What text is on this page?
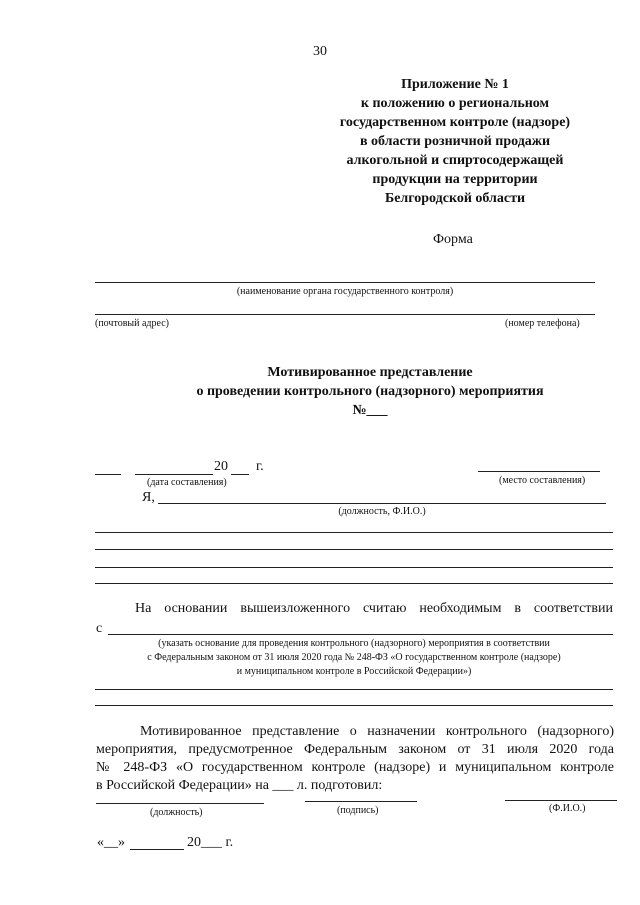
30
Приложение № 1
к положению о региональном
государственном контроле (надзоре)
в области розничной продажи
алкогольной и спиртосодержащей
продукции на территории
Белгородской области
Форма
(наименование органа государственного контроля)
(почтовый адрес)	(номер телефона)
Мотивированное представление
о проведении контрольного (надзорного) мероприятия
№___
20 г.
(дата составления)	(место составления)
Я,
(должность, Ф.И.О.)
На основании вышеизложенного считаю необходимым в соответствии
с
(указать основание для проведения контрольного (надзорного) мероприятия в соответствии
с Федеральным законом от 31 июля 2020 года № 248-ФЗ «О государственном контроле (надзоре)
и муниципальном контроле в Российской Федерации»)
Мотивированное представление о назначении контрольного (надзорного)
мероприятия, предусмотренное Федеральным законом от 31 июля 2020 года
№ 248-ФЗ «О государственном контроле (надзоре) и муниципальном контроле
в Российской Федерации» на ___ л. подготовил:
(должность)	(подпись)	(Ф.И.О.)
«__»	20___ г.
